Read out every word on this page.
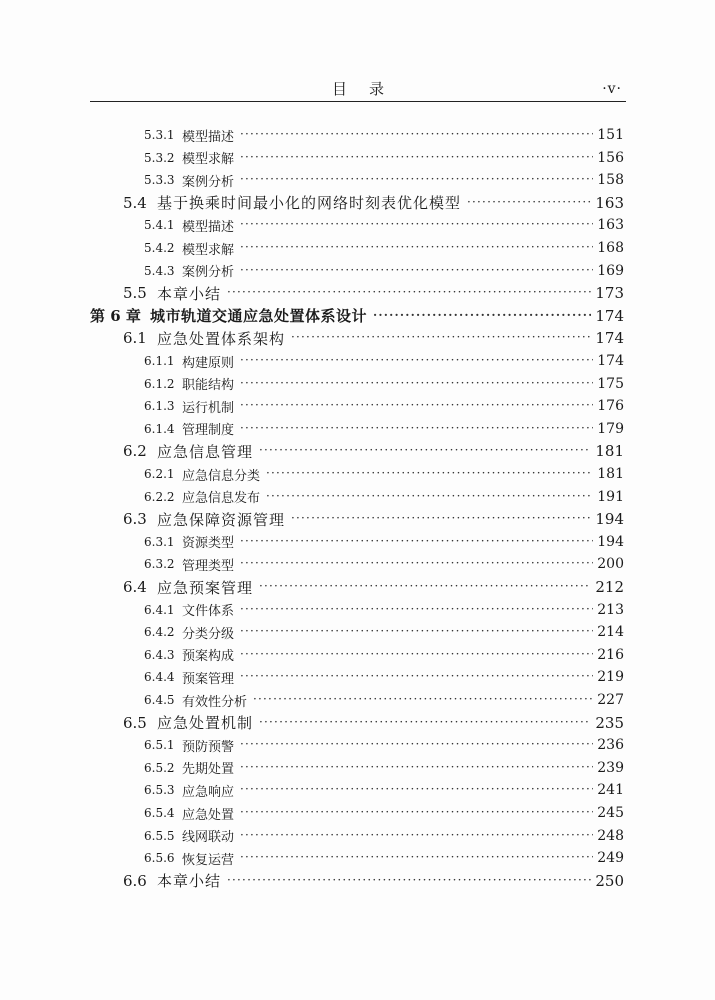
目录	·v·
5.3.1 模型描述 ·····	151
5.3.2 模型求解 ·····	156
5.3.3 案例分析 ·····	158
5.4 基于换乘时间最小化的网络时刻表优化模型 ·····	163
5.4.1 模型描述 ·····	163
5.4.2 模型求解 ·····	168
5.4.3 案例分析 ·····	169
5.5 本章小结 ·····	173
第 6 章 城市轨道交通应急处置体系设计 ·····	174
6.1 应急处置体系架构 ·····	174
6.1.1 构建原则 ·····	174
6.1.2 职能结构 ·····	175
6.1.3 运行机制 ·····	176
6.1.4 管理制度 ·····	179
6.2 应急信息管理 ·····	181
6.2.1 应急信息分类 ·····	181
6.2.2 应急信息发布 ·····	191
6.3 应急保障资源管理 ·····	194
6.3.1 资源类型 ·····	194
6.3.2 管理类型 ·····	200
6.4 应急预案管理 ·····	212
6.4.1 文件体系 ·····	213
6.4.2 分类分级 ·····	214
6.4.3 预案构成 ·····	216
6.4.4 预案管理 ·····	219
6.4.5 有效性分析 ·····	227
6.5 应急处置机制 ·····	235
6.5.1 预防预警 ·····	236
6.5.2 先期处置 ·····	239
6.5.3 应急响应 ·····	241
6.5.4 应急处置 ·····	245
6.5.5 线网联动 ·····	248
6.5.6 恢复运营 ·····	249
6.6 本章小结 ·····	250
